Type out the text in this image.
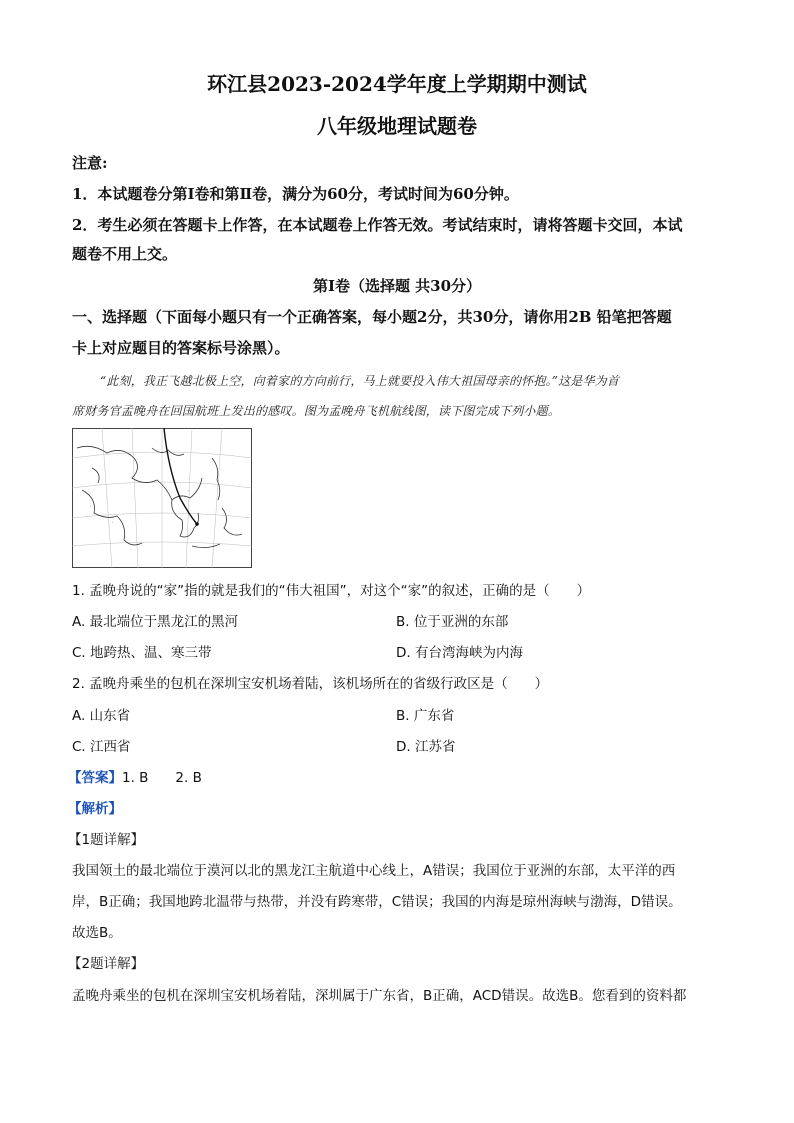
环江县2023-2024学年度上学期期中测试
八年级地理试题卷
注意:
1．本试题卷分第Ⅰ卷和第Ⅱ卷，满分为60分，考试时间为60分钟。
2．考生必须在答题卡上作答，在本试题卷上作答无效。考试结束时，请将答题卡交回，本试
题卷不用上交。
第Ⅰ卷（选择题 共30分）
一、选择题（下面每小题只有一个正确答案，每小题2分，共30分，请你用2B 铅笔把答题
卡上对应题目的答案标号涂黑）。
“此刻，我正飞越北极上空，向着家的方向前行，马上就要投入伟大祖国母亲的怀抱。”这是华为首
席财务官孟晚舟在回国航班上发出的感叹。图为孟晚舟飞机航线图，读下图完成下列小题。
·
·
·
1. 孟晚舟说的“家”指的就是我们的“伟大祖国”，对这个“家”的叙述，正确的是（　　）
A. 最北端位于黑龙江的黑河	B. 位于亚洲的东部
C. 地跨热、温、寒三带	D. 有台湾海峡为内海
2. 孟晚舟乘坐的包机在深圳宝安机场着陆，该机场所在的省级行政区是（　　）
A. 山东省	B. 广东省
C. 江西省	D. 江苏省
【答案】1. B　　2. B
【解析】
【1题详解】
我国领土的最北端位于漠河以北的黑龙江主航道中心线上，A错误；我国位于亚洲的东部，太平洋的西
岸，B正确；我国地跨北温带与热带，并没有跨寒带，C错误；我国的内海是琼州海峡与渤海，D错误。
故选B。
【2题详解】
孟晚舟乘坐的包机在深圳宝安机场着陆，深圳属于广东省，B正确，ACD错误。故选B。您看到的资料都
